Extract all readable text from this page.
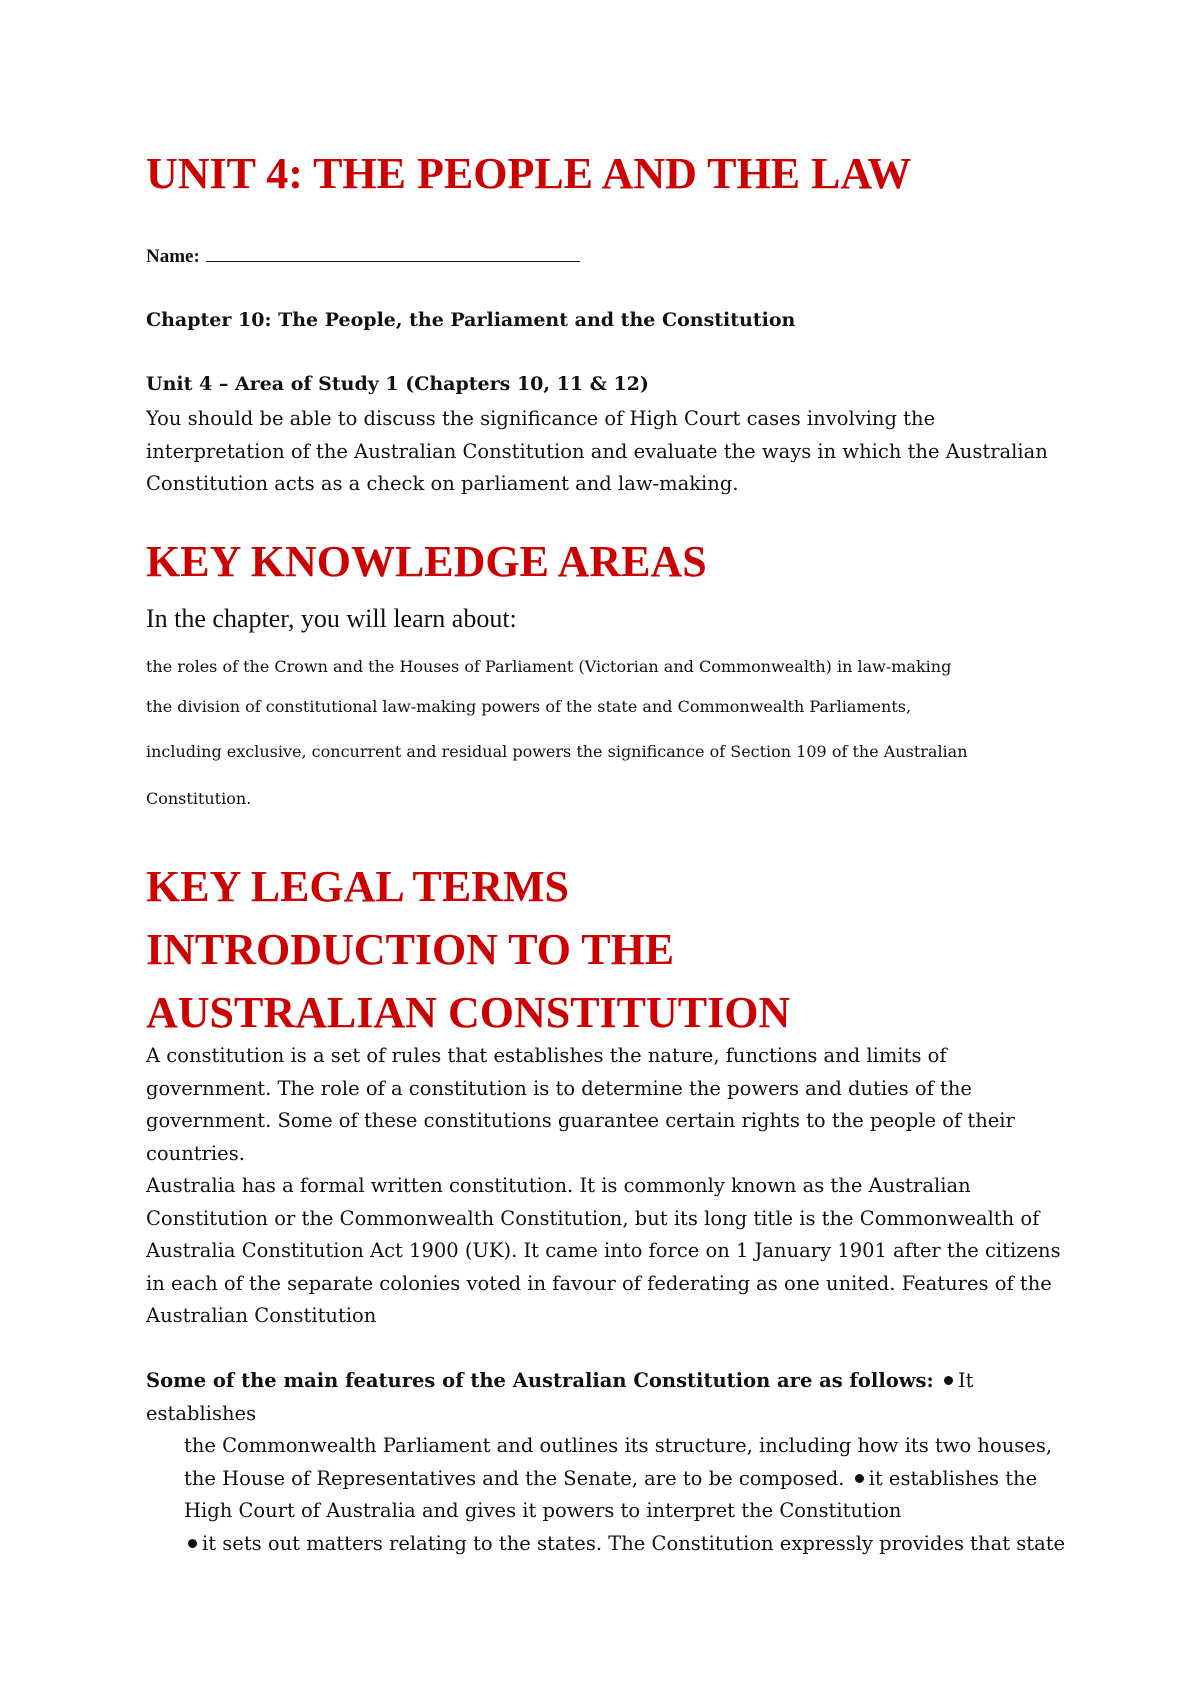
UNIT 4: THE PEOPLE AND THE LAW
Name:
Chapter 10: The People, the Parliament and the Constitution
Unit 4 – Area of Study 1 (Chapters 10, 11 & 12)

You should be able to discuss the significance of High Court cases involving the interpretation of the Australian Constitution and evaluate the ways in which the Australian Constitution acts as a check on parliament and law-making.

KEY KNOWLEDGE AREAS
In the chapter, you will learn about:
the roles of the Crown and the Houses of Parliament (Victorian and Commonwealth) in law-making
the division of constitutional law-making powers of the state and Commonwealth Parliaments,
including exclusive, concurrent and residual powers the significance of Section 109 of the Australian
Constitution.
KEY LEGAL TERMS
INTRODUCTION TO THE
AUSTRALIAN CONSTITUTION

A constitution is a set of rules that establishes the nature, functions and limits of government. The role of a constitution is to determine the powers and duties of the government. Some of these constitutions guarantee certain rights to the people of their countries.

Australia has a formal written constitution. It is commonly known as the Australian Constitution or the Commonwealth Constitution, but its long title is the Commonwealth of Australia Constitution Act 1900 (UK). It came into force on 1 January 1901 after the citizens in each of the separate colonies voted in favour of federating as one united. Features of the Australian Constitution

Some of the main features of the Australian Constitution are as follows: It establishes
the Commonwealth Parliament and outlines its structure, including how its two houses, the House of Representatives and the Senate, are to be composed. it establishes the High Court of Australia and gives it powers to interpret the Constitution
it sets out matters relating to the states. The Constitution expressly provides that state
